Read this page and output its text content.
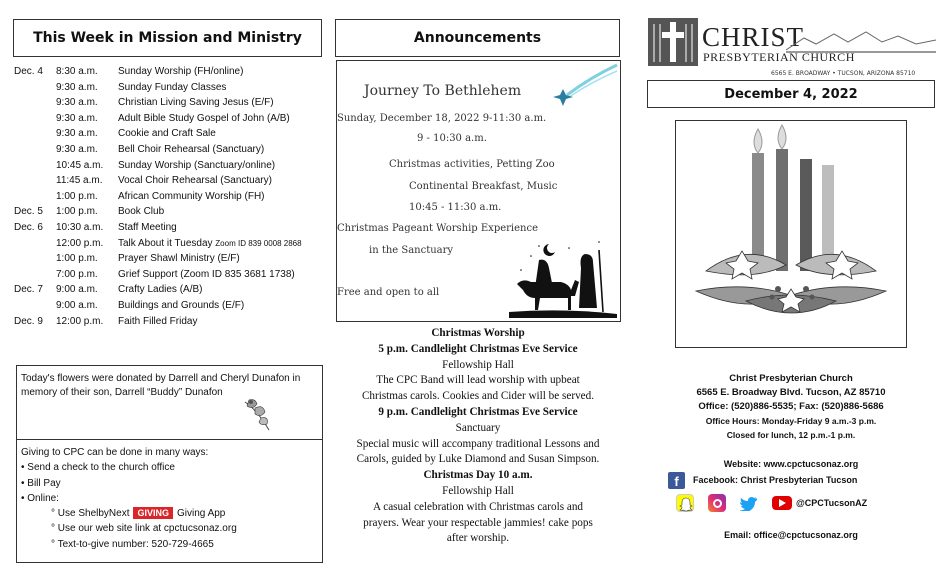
This Week in Mission and Ministry
Dec. 4	8:30 a.m.	Sunday Worship (FH/online)
9:30 a.m.	Sunday Funday Classes
9:30 a.m.	Christian Living Saving Jesus (E/F)
9:30 a.m.	Adult Bible Study Gospel of John (A/B)
9:30 a.m.	Cookie and Craft Sale
9:30 a.m.	Bell Choir Rehearsal (Sanctuary)
10:45 a.m.	Sunday Worship (Sanctuary/online)
11:45 a.m.	Vocal Choir Rehearsal (Sanctuary)
1:00 p.m.	African Community Worship (FH)
Dec. 5	1:00 p.m.	Book Club
Dec. 6	10:30 a.m.	Staff Meeting
12:00 p.m.	Talk About it Tuesday Zoom ID 839 0008 2868
1:00 p.m.	Prayer Shawl Ministry (E/F)
7:00 p.m.	Grief Support (Zoom ID 835 3681 1738)
Dec. 7	9:00 a.m.	Crafty Ladies (A/B)
9:00 a.m.	Buildings and Grounds (E/F)
Dec. 9	12:00 p.m.	Faith Filled Friday
Today's flowers were donated by Darrell and Cheryl Dunafon in memory of their son, Darrell “Buddy” Dunafon
Giving to CPC can be done in many ways:
• Send a check to the church office
• Bill Pay
• Online:
° Use ShelbyNext GIVING Giving App
° Use our web site link at cpctucsonaz.org
° Text-to-give number: 520-729-4665
Announcements
Journey To Bethlehem
Sunday, December 18, 2022 9-11:30 a.m.
9 - 10:30 a.m.
Christmas activities, Petting Zoo
Continental Breakfast, Music
10:45 - 11:30 a.m.
Christmas Pageant Worship Experience
in the Sanctuary
Free and open to all
Christmas Worship
5 p.m. Candlelight Christmas Eve Service
Fellowship Hall
The CPC Band will lead worship with upbeat
Christmas carols. Cookies and Cider will be served.
9 p.m. Candlelight Christmas Eve Service
Sanctuary
Special music will accompany traditional Lessons and
Carols, guided by Luke Diamond and Susan Simpson.
Christmas Day 10 a.m.
Fellowship Hall
A casual celebration with Christmas carols and
prayers. Wear your respectable jammies! cake pops
after worship.
CHRIST
PRESBYTERIAN CHURCH
6565 E. BROADWAY • TUCSON, ARIZONA 85710
December 4, 2022
Christ Presbyterian Church
6565 E. Broadway Blvd. Tucson, AZ 85710
Office: (520)886-5535; Fax: (520)886-5686
Office Hours: Monday-Friday 9 a.m.-3 p.m.
Closed for lunch, 12 p.m.-1 p.m.
Website: www.cpctucsonaz.org
f	Facebook: Christ Presbyterian Tucson
@CPCTucsonAZ
Email: office@cpctucsonaz.org
